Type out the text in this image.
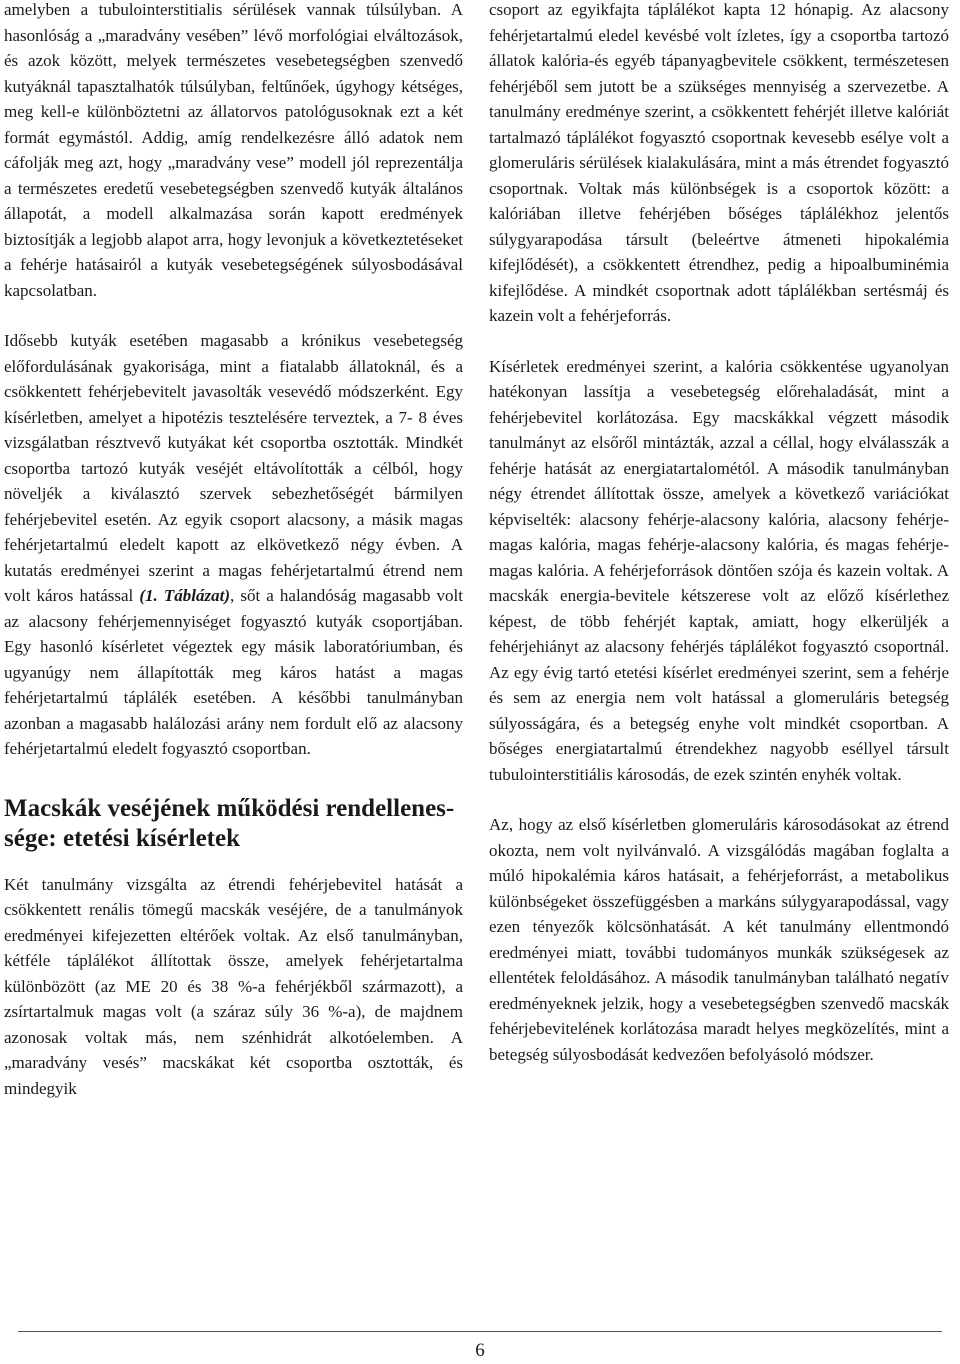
amelyben a tubulointerstitialis sérülések vannak túlsúlyban. A hasonlóság a „maradvány vesében” lévő morfológiai elváltozások, és azok között, melyek természetes vesebetegségben szenvedő kutyáknál tapasztalhatók túlsúlyban, feltűnőek, úgyhogy kétséges, meg kell-e különböztetni az állatorvos patológusoknak ezt a két formát egymástól. Addig, amíg rendelkezésre álló adatok nem cáfolják meg azt, hogy „maradvány vese” modell jól reprezentálja a természetes eredetű vesebetegségben szenvedő kutyák általános állapotát, a modell alkalmazása során kapott eredmények biztosítják a legjobb alapot arra, hogy levonjuk a következtetéseket a fehérje hatásairól a kutyák vesebetegségének súlyosbodásával kapcsolatban.

Idősebb kutyák esetében magasabb a krónikus vesebetegség előfordulásának gyakorisága, mint a fiatalabb állatoknál, és a csökkentett fehérjebevitelt javasolták vesevédő módszerként. Egy kísérletben, amelyet a hipotézis tesztelésére terveztek, a 7- 8 éves vizsgálatban résztvevő kutyákat két csoportba osztották. Mindkét csoportba tartozó kutyák veséjét eltávolították a célból, hogy növeljék a kiválasztó szervek sebezhetőségét bármilyen fehérjebevitel esetén. Az egyik csoport alacsony, a másik magas fehérjetartalmú eledelt kapott az elkövetkező négy évben. A kutatás eredményei szerint a magas fehérjetartalmú étrend nem volt káros hatással (1. Táblázat), sőt a halandóság magasabb volt az alacsony fehérjemennyiséget fogyasztó kutyák csoportjában. Egy hasonló kísérletet végeztek egy másik laboratóriumban, és ugyanúgy nem állapították meg káros hatást a magas fehérjetartalmú táplálék esetében. A későbbi tanulmányban azonban a magasabb halálozási arány nem fordult elő az alacsony fehérjetartalmú eledelt fogyasztó csoportban.

Macskák veséjének működési rendellenes-sége: etetési kísérletek

Két tanulmány vizsgálta az étrendi fehérjebevitel hatását a csökkentett renális tömegű macskák veséjére, de a tanulmányok eredményei kifejezetten eltérőek voltak. Az első tanulmányban, kétféle táplálékot állítottak össze, amelyek fehérjetartalma különbözött (az ME 20 és 38 %-a fehérjékből származott), a zsírtartalmuk magas volt (a száraz súly 36 %-a), de majdnem azonosak voltak más, nem szénhidrát alkotóelemben. A „maradvány vesés” macskákat két csoportba osztották, és mindegyik

csoport az egyikfajta táplálékot kapta 12 hónapig. Az alacsony fehérjetartalmú eledel kevésbé volt ízletes, így a csoportba tartozó állatok kalória-és egyéb tápanyagbevitele csökkent, természetesen fehérjéből sem jutott be a szükséges mennyiség a szervezetbe. A tanulmány eredménye szerint, a csökkentett fehérjét illetve kalóriát tartalmazó táplálékot fogyasztó csoportnak kevesebb esélye volt a glomeruláris sérülések kialakulására, mint a más étrendet fogyasztó csoportnak. Voltak más különbségek is a csoportok között: a kalóriában illetve fehérjében bőséges táplálékhoz jelentős súlygyarapodása társult (beleértve átmeneti hipokalémia kifejlődését), a csökkentett étrendhez, pedig a hipoalbuminémia kifejlődése. A mindkét csoportnak adott táplálékban sertésmáj és kazein volt a fehérjeforrás.

Kísérletek eredményei szerint, a kalória csökkentése ugyanolyan hatékonyan lassítja a vesebetegség előrehaladását, mint a fehérjebevitel korlátozása. Egy macskákkal végzett második tanulmányt az elsőről mintázták, azzal a céllal, hogy elválasszák a fehérje hatását az energiatartalométól. A második tanulmányban négy étrendet állítottak össze, amelyek a következő variációkat képviselték: alacsony fehérje-alacsony kalória, alacsony fehérje-magas kalória, magas fehérje-alacsony kalória, és magas fehérje-magas kalória. A fehérjeforrások döntően szója és kazein voltak. A macskák energia-bevitele kétszerese volt az előző kísérlethez képest, de több fehérjét kaptak, amiatt, hogy elkerüljék a fehérjehiányt az alacsony fehérjés táplálékot fogyasztó csoportnál. Az egy évig tartó etetési kísérlet eredményei szerint, sem a fehérje és sem az energia nem volt hatással a glomeruláris betegség súlyosságára, és a betegség enyhe volt mindkét csoportban. A bőséges energiatartalmú étrendekhez nagyobb eséllyel társult tubulointerstitiális károsodás, de ezek szintén enyhék voltak.

Az, hogy az első kísérletben glomeruláris károsodásokat az étrend okozta, nem volt nyilvánvaló. A vizsgálódás magában foglalta a múló hipokalémia káros hatásait, a fehérjeforrást, a metabolikus különbségeket összefüggésben a markáns súlygyarapodással, vagy ezen tényezők kölcsönhatását. A két tanulmány ellentmondó eredményei miatt, további tudományos munkák szükségesek az ellentétek feloldásához. A második tanulmányban található negatív eredményeknek jelzik, hogy a vesebetegségben szenvedő macskák fehérjebevitelének korlátozása maradt helyes megközelítés, mint a betegség súlyosbodását kedvezően befolyásoló módszer.

6
